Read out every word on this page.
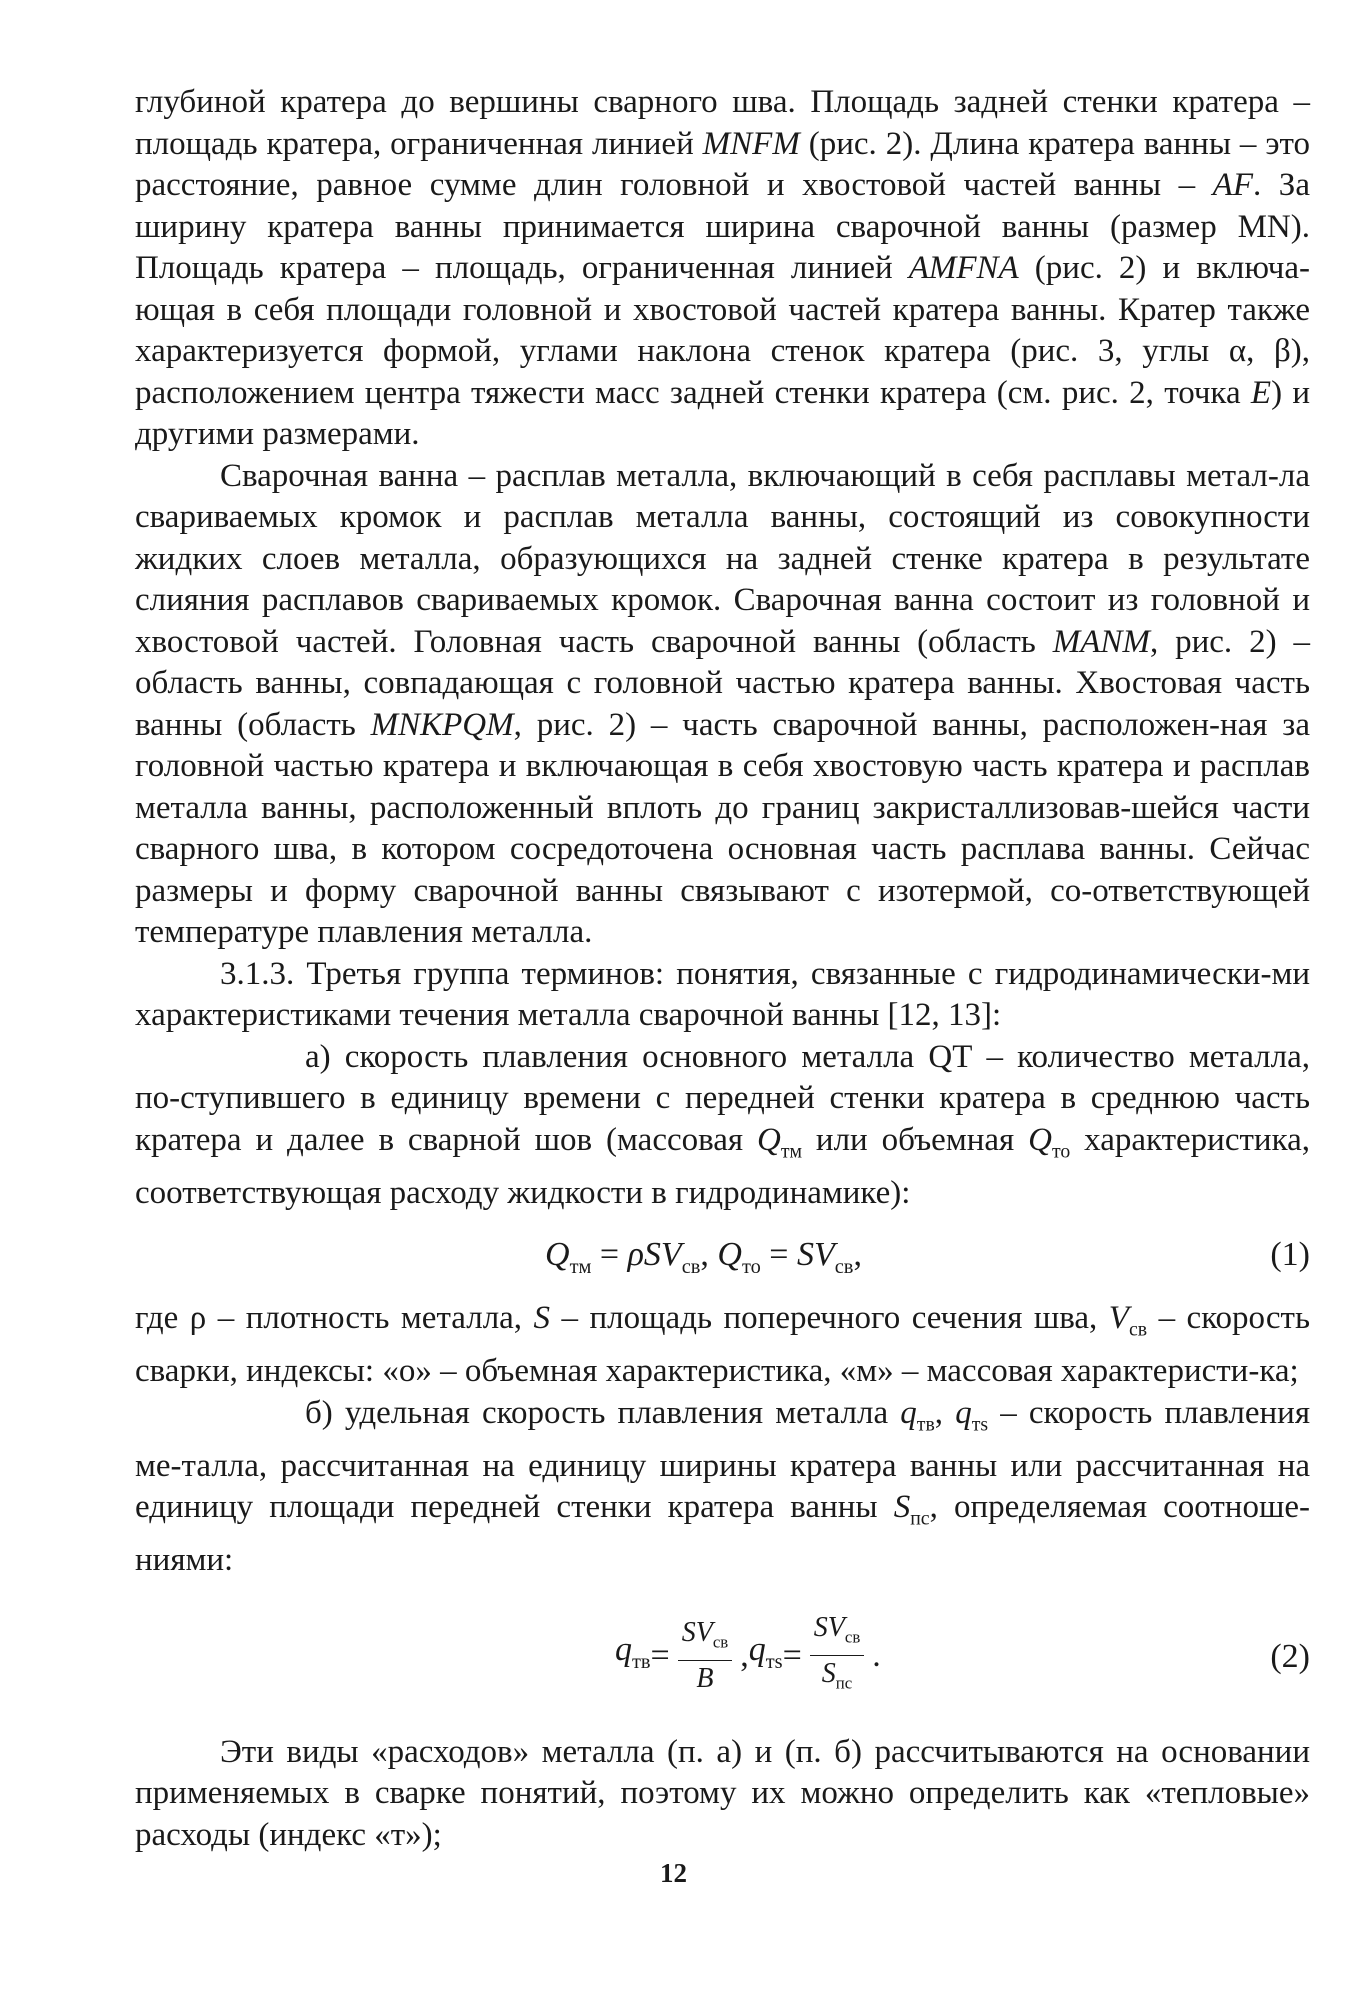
глубиной кратера до вершины сварного шва. Площадь задней стенки кратера – площадь кратера, ограниченная линией MNFM (рис. 2). Длина кратера ванны – это расстояние, равное сумме длин головной и хвостовой частей ванны – AF. За ширину кратера ванны принимается ширина сварочной ванны (размер MN). Площадь кратера – площадь, ограниченная линией AMFNA (рис. 2) и включа-ющая в себя площади головной и хвостовой частей кратера ванны. Кратер также характеризуется формой, углами наклона стенок кратера (рис. 3, углы α, β), расположением центра тяжести масс задней стенки кратера (см. рис. 2, точка E) и другими размерами.

Сварочная ванна – расплав металла, включающий в себя расплавы метал-ла свариваемых кромок и расплав металла ванны, состоящий из совокупности жидких слоев металла, образующихся на задней стенке кратера в результате слияния расплавов свариваемых кромок. Сварочная ванна состоит из головной и хвостовой частей. Головная часть сварочной ванны (область MANM, рис. 2) – область ванны, совпадающая с головной частью кратера ванны. Хвостовая часть ванны (область MNKPQM, рис. 2) – часть сварочной ванны, расположен-ная за головной частью кратера и включающая в себя хвостовую часть кратера и расплав металла ванны, расположенный вплоть до границ закристаллизовав-шейся части сварного шва, в котором сосредоточена основная часть расплава ванны. Сейчас размеры и форму сварочной ванны связывают с изотермой, со-ответствующей температуре плавления металла.

3.1.3. Третья группа терминов: понятия, связанные с гидродинамически-ми характеристиками течения металла сварочной ванны [12, 13]:

а) скорость плавления основного металла QТ – количество металла, по-ступившего в единицу времени с передней стенки кратера в среднюю часть кратера и далее в сварной шов (массовая $Q_{тм}$ или объемная $Q_{то}$ характеристика, соответствующая расходу жидкости в гидродинамике):

$Q_{тм} = \rho SV_{св}$, $Q_{то} = SV_{св}$,	(1)

где ρ – плотность металла, S – площадь поперечного сечения шва, $V_{св}$ – скорость сварки, индексы: «о» – объемная характеристика, «м» – массовая характеристи-ка;

б) удельная скорость плавления металла $q_{тв}$, $q_{тs}$ – скорость плавления ме-талла, рассчитанная на единицу ширины кратера ванны или рассчитанная на единицу площади передней стенки кратера ванны $S_{пс}$, определяемая соотноше-ниями:

$q_{тв} = \frac{SV_{св}}{B}$ , $q_{тs} = \frac{SV_{св}}{S_{пс}}$ .	(2)

Эти виды «расходов» металла (п. а) и (п. б) рассчитываются на основании применяемых в сварке понятий, поэтому их можно определить как «тепловые» расходы (индекс «т»);

12
